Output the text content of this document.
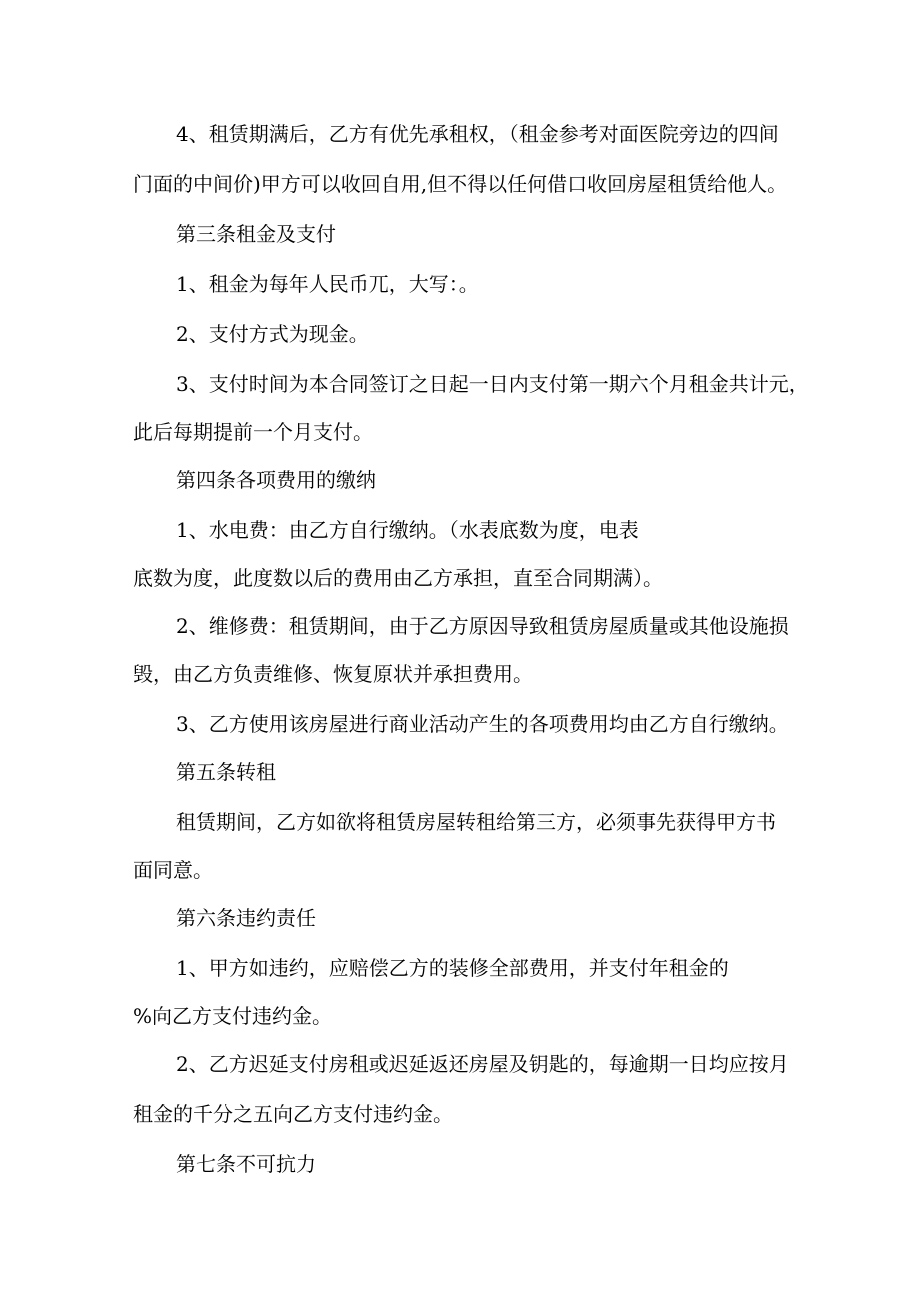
4、租赁期满后，乙方有优先承租权，（租金参考对面医院旁边的四间
门面的中间价)甲方可以收回自用,但不得以任何借口收回房屋租赁给他人。
第三条租金及支付
1、租金为每年人民币兀，大写：。
2、支付方式为现金。
3、支付时间为本合同签订之日起一日内支付第一期六个月租金共计元，
此后每期提前一个月支付。
第四条各项费用的缴纳
1、水电费：由乙方自行缴纳。（水表底数为度，电表
底数为度，此度数以后的费用由乙方承担，直至合同期满）。
2、维修费：租赁期间，由于乙方原因导致租赁房屋质量或其他设施损
毁，由乙方负责维修、恢复原状并承担费用。
3、乙方使用该房屋进行商业活动产生的各项费用均由乙方自行缴纳。
第五条转租
租赁期间，乙方如欲将租赁房屋转租给第三方，必须事先获得甲方书
面同意。
第六条违约责任
1、甲方如违约，应赔偿乙方的装修全部费用，并支付年租金的
%向乙方支付违约金。
2、乙方迟延支付房租或迟延返还房屋及钥匙的，每逾期一日均应按月
租金的千分之五向乙方支付违约金。
第七条不可抗力
